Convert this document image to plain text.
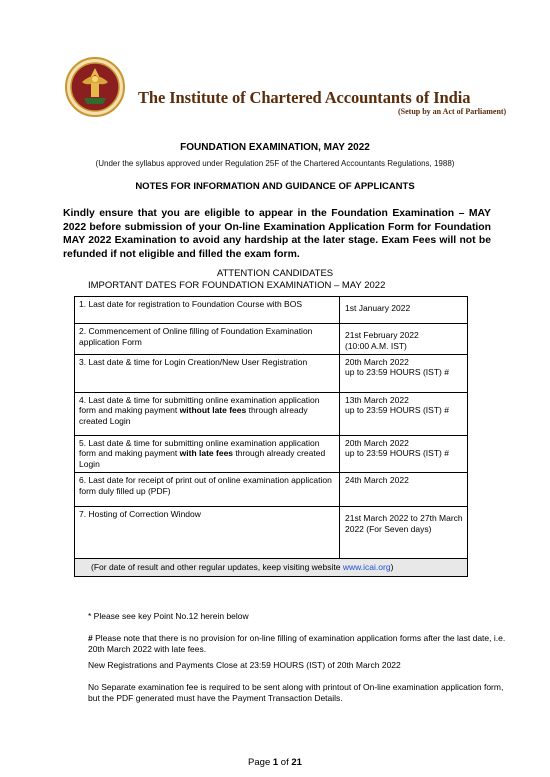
The Institute of Chartered Accountants of India
(Setup by an Act of Parliament)
FOUNDATION EXAMINATION, MAY 2022
(Under the syllabus approved under Regulation 25F of the Chartered Accountants Regulations, 1988)
NOTES FOR INFORMATION AND GUIDANCE OF APPLICANTS
Kindly ensure that you are eligible to appear in the Foundation Examination – MAY 2022 before submission of your On-line Examination Application Form for Foundation MAY 2022 Examination to avoid any hardship at the later stage. Exam Fees will not be refunded if not eligible and filled the exam form.
ATTENTION CANDIDATES
IMPORTANT DATES FOR FOUNDATION EXAMINATION – MAY 2022
1. Last date for registration to Foundation Course with BOS	1st January 2022

2. Commencement of Online filling of Foundation Examination application Form	21st February 2022
(10:00 A.M. IST)

3. Last date & time for Login Creation/New User Registration	20th March 2022
up to 23:59 HOURS (IST) #

4. Last date & time for submitting online examination application form and making payment without late fees through already created Login	13th March 2022
up to 23:59 HOURS (IST) #

5. Last date & time for submitting online examination application form and making payment with late fees through already created Login	20th March 2022
up to 23:59 HOURS (IST) #

6. Last date for receipt of print out of online examination application form duly filled up (PDF)	24th March 2022

7. Hosting of Correction Window	21st March 2022 to 27th March 2022 (For Seven days)

(For date of result and other regular updates, keep visiting website www.icai.org)	
* Please see key Point No.12 herein below
# Please note that there is no provision for on-line filling of examination application forms after the last date, i.e. 20th March 2022 with late fees.
New Registrations and Payments Close at 23:59 HOURS (IST) of 20th March 2022
No Separate examination fee is required to be sent along with printout of On-line examination application form, but the PDF generated must have the Payment Transaction Details.
Page 1 of 21
